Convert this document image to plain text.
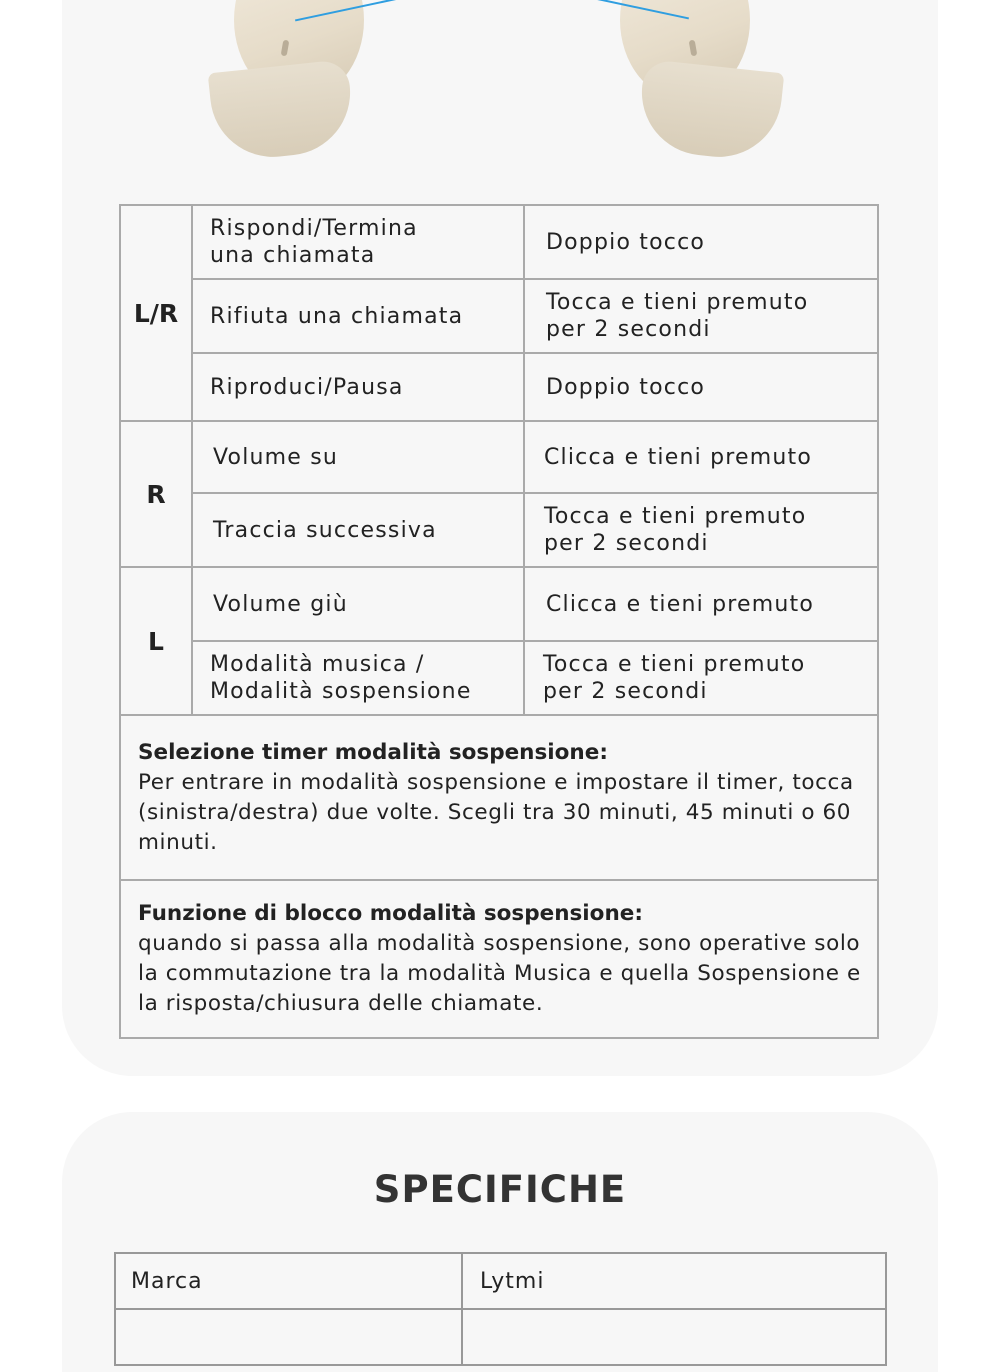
L/R	Rispondi/Termina
una chiamata	Doppio tocco
	Rifiuta una chiamata	Tocca e tieni premuto
per 2 secondi
	Riproduci/Pausa	Doppio tocco
R	Volume su	Clicca e tieni premuto
	Traccia successiva	Tocca e tieni premuto
per 2 secondi
L	Volume giù	Clicca e tieni premuto
	Modalità musica /
Modalità sospensione	Tocca e tieni premuto
per 2 secondi
Selezione timer modalità sospensione:
Per entrare in modalità sospensione e impostare il timer, tocca (sinistra/destra) due volte. Scegli tra 30 minuti, 45 minuti o 60 minuti.		
Funzione di blocco modalità sospensione:
quando si passa alla modalità sospensione, sono operative solo la commutazione tra la modalità Musica e quella Sospensione e la risposta/chiusura delle chiamate.		
SPECIFICHE
Marca	Lytmi
